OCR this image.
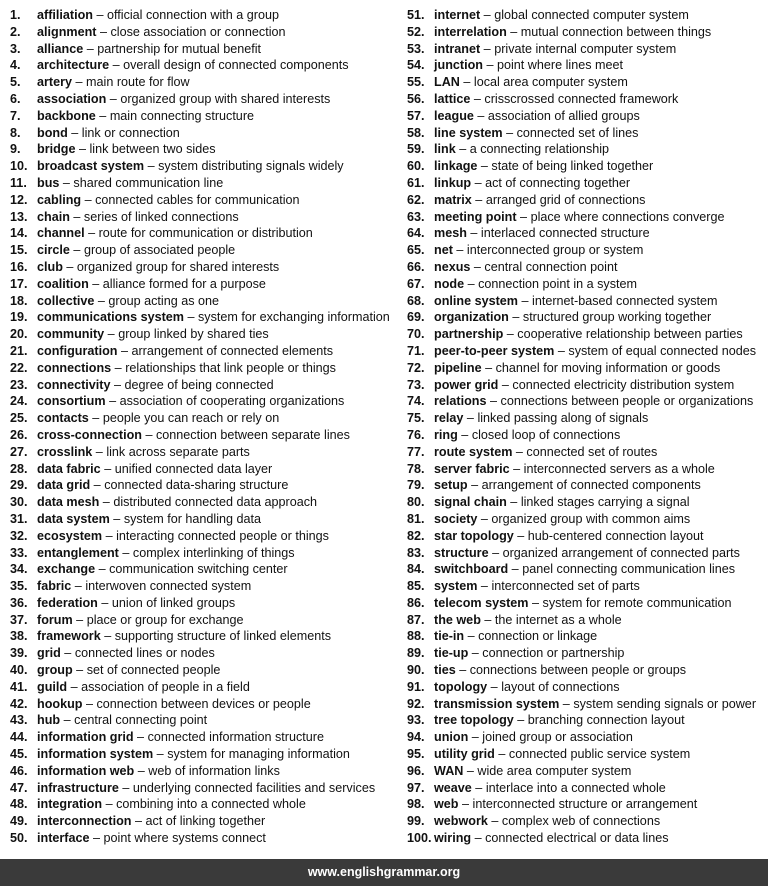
1.	affiliation – official connection with a group
2.	alignment – close association or connection
3.	alliance – partnership for mutual benefit
4.	architecture – overall design of connected components
5.	artery – main route for flow
6.	association – organized group with shared interests
7.	backbone – main connecting structure
8.	bond – link or connection
9.	bridge – link between two sides
10. broadcast system – system distributing signals widely
11. bus – shared communication line
12. cabling – connected cables for communication
13. chain – series of linked connections
14. channel – route for communication or distribution
15. circle – group of associated people
16. club – organized group for shared interests
17. coalition – alliance formed for a purpose
18. collective – group acting as one
19. communications system – system for exchanging information
20. community – group linked by shared ties
21. configuration – arrangement of connected elements
22. connections – relationships that link people or things
23. connectivity – degree of being connected
24. consortium – association of cooperating organizations
25. contacts – people you can reach or rely on
26. cross-connection – connection between separate lines
27. crosslink – link across separate parts
28. data fabric – unified connected data layer
29. data grid – connected data-sharing structure
30. data mesh – distributed connected data approach
31. data system – system for handling data
32. ecosystem – interacting connected people or things
33. entanglement – complex interlinking of things
34. exchange – communication switching center
35. fabric – interwoven connected system
36. federation – union of linked groups
37. forum – place or group for exchange
38. framework – supporting structure of linked elements
39. grid – connected lines or nodes
40. group – set of connected people
41. guild – association of people in a field
42. hookup – connection between devices or people
43. hub – central connecting point
44. information grid – connected information structure
45. information system – system for managing information
46. information web – web of information links
47. infrastructure – underlying connected facilities and services
48. integration – combining into a connected whole
49. interconnection – act of linking together
50. interface – point where systems connect
51. internet – global connected computer system
52. interrelation – mutual connection between things
53. intranet – private internal computer system
54. junction – point where lines meet
55. LAN – local area computer system
56. lattice – crisscrossed connected framework
57. league – association of allied groups
58. line system – connected set of lines
59. link – a connecting relationship
60. linkage – state of being linked together
61. linkup – act of connecting together
62. matrix – arranged grid of connections
63. meeting point – place where connections converge
64. mesh – interlaced connected structure
65. net – interconnected group or system
66. nexus – central connection point
67. node – connection point in a system
68. online system – internet-based connected system
69. organization – structured group working together
70. partnership – cooperative relationship between parties
71. peer-to-peer system – system of equal connected nodes
72. pipeline – channel for moving information or goods
73. power grid – connected electricity distribution system
74. relations – connections between people or organizations
75. relay – linked passing along of signals
76. ring – closed loop of connections
77. route system – connected set of routes
78. server fabric – interconnected servers as a whole
79. setup – arrangement of connected components
80. signal chain – linked stages carrying a signal
81. society – organized group with common aims
82. star topology – hub-centered connection layout
83. structure – organized arrangement of connected parts
84. switchboard – panel connecting communication lines
85. system – interconnected set of parts
86. telecom system – system for remote communication
87. the web – the internet as a whole
88. tie-in – connection or linkage
89. tie-up – connection or partnership
90. ties – connections between people or groups
91. topology – layout of connections
92. transmission system – system sending signals or power
93. tree topology – branching connection layout
94. union – joined group or association
95. utility grid – connected public service system
96. WAN – wide area computer system
97. weave – interlace into a connected whole
98. web – interconnected structure or arrangement
99. webwork – complex web of connections
100. wiring – connected electrical or data lines
www.englishgrammar.org
